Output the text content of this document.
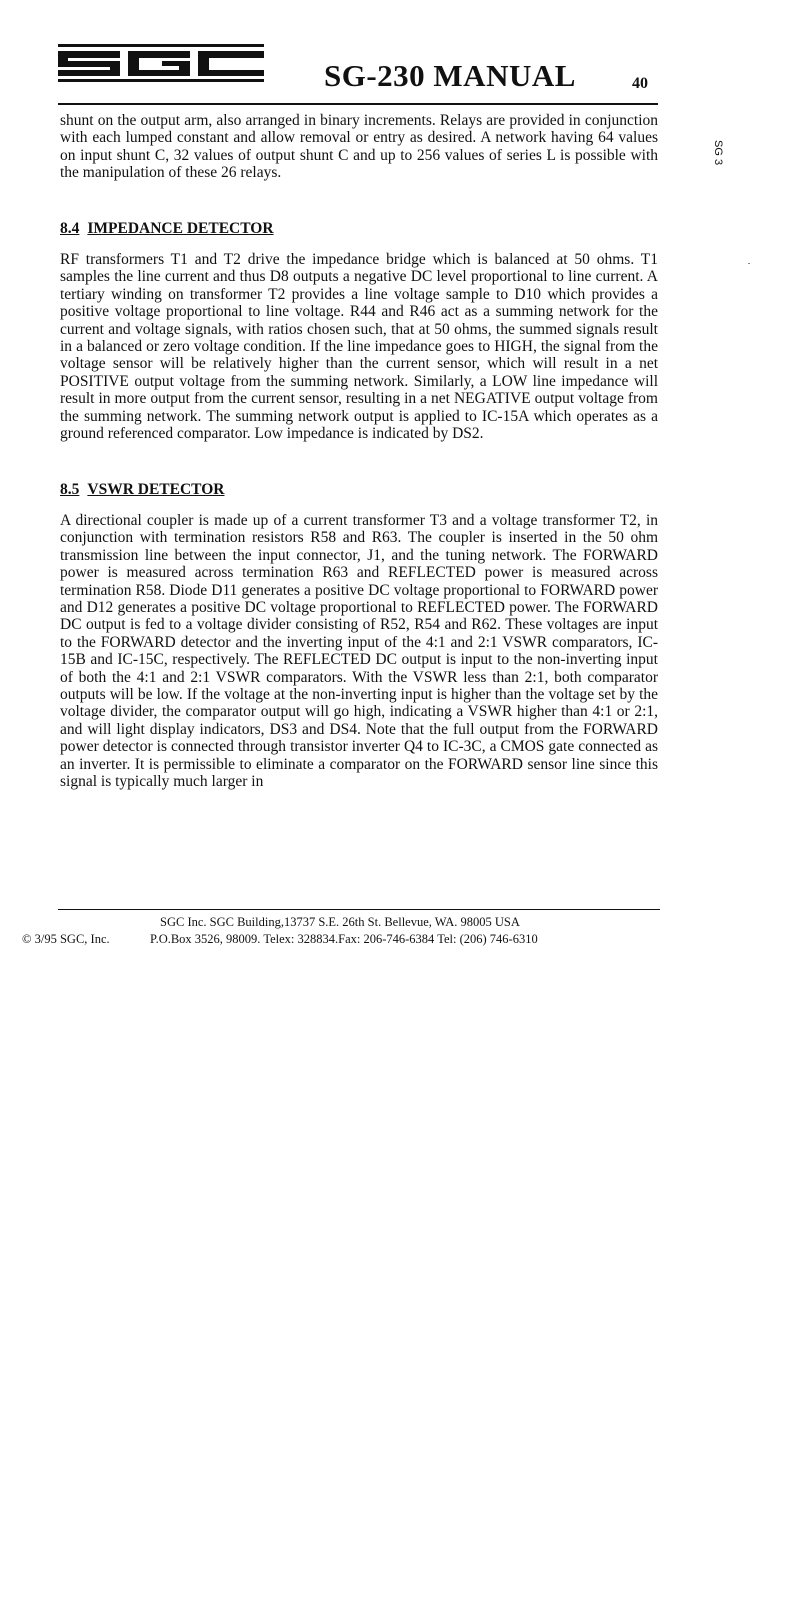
SG-230 MANUAL	40
SG 3

shunt on the output arm, also arranged in binary increments. Relays are provided in conjunction with each lumped constant and allow removal or entry as desired. A network having 64 values on input shunt C, 32 values of output shunt C and up to 256 values of series L is possible with the manipulation of these 26 relays.

8.4 IMPEDANCE DETECTOR

RF transformers T1 and T2 drive the impedance bridge which is balanced at 50 ohms. T1 samples the line current and thus D8 outputs a negative DC level proportional to line current. A tertiary winding on transformer T2 provides a line voltage sample to D10 which provides a positive voltage proportional to line voltage. R44 and R46 act as a summing network for the current and voltage signals, with ratios chosen such, that at 50 ohms, the summed signals result in a balanced or zero voltage condition. If the line impedance goes to HIGH, the signal from the voltage sensor will be relatively higher than the current sensor, which will result in a net POSITIVE output voltage from the summing network. Similarly, a LOW line impedance will result in more output from the current sensor, resulting in a net NEGATIVE output voltage from the summing network. The summing network output is applied to IC-15A which operates as a ground referenced comparator. Low impedance is indicated by DS2.

8.5 VSWR DETECTOR

A directional coupler is made up of a current transformer T3 and a voltage transformer T2, in conjunction with termination resistors R58 and R63. The coupler is inserted in the 50 ohm transmission line between the input connector, J1, and the tuning network. The FORWARD power is measured across termination R63 and REFLECTED power is measured across termination R58. Diode D11 generates a positive DC voltage proportional to FORWARD power and D12 generates a positive DC voltage proportional to REFLECTED power. The FORWARD DC output is fed to a voltage divider consisting of R52, R54 and R62. These voltages are input to the FORWARD detector and the inverting input of the 4:1 and 2:1 VSWR comparators, IC-15B and IC-15C, respectively. The REFLECTED DC output is input to the non-inverting input of both the 4:1 and 2:1 VSWR comparators. With the VSWR less than 2:1, both comparator outputs will be low. If the voltage at the non-inverting input is higher than the voltage set by the voltage divider, the comparator output will go high, indicating a VSWR higher than 4:1 or 2:1, and will light display indicators, DS3 and DS4. Note that the full output from the FORWARD power detector is connected through transistor inverter Q4 to IC-3C, a CMOS gate connected as an inverter. It is permissible to eliminate a comparator on the FORWARD sensor line since this signal is typically much larger in

SGC Inc. SGC Building,13737 S.E. 26th St. Bellevue, WA. 98005 USA
© 3/95 SGC, Inc.	P.O.Box 3526, 98009. Telex: 328834.Fax: 206-746-6384 Tel: (206) 746-6310
